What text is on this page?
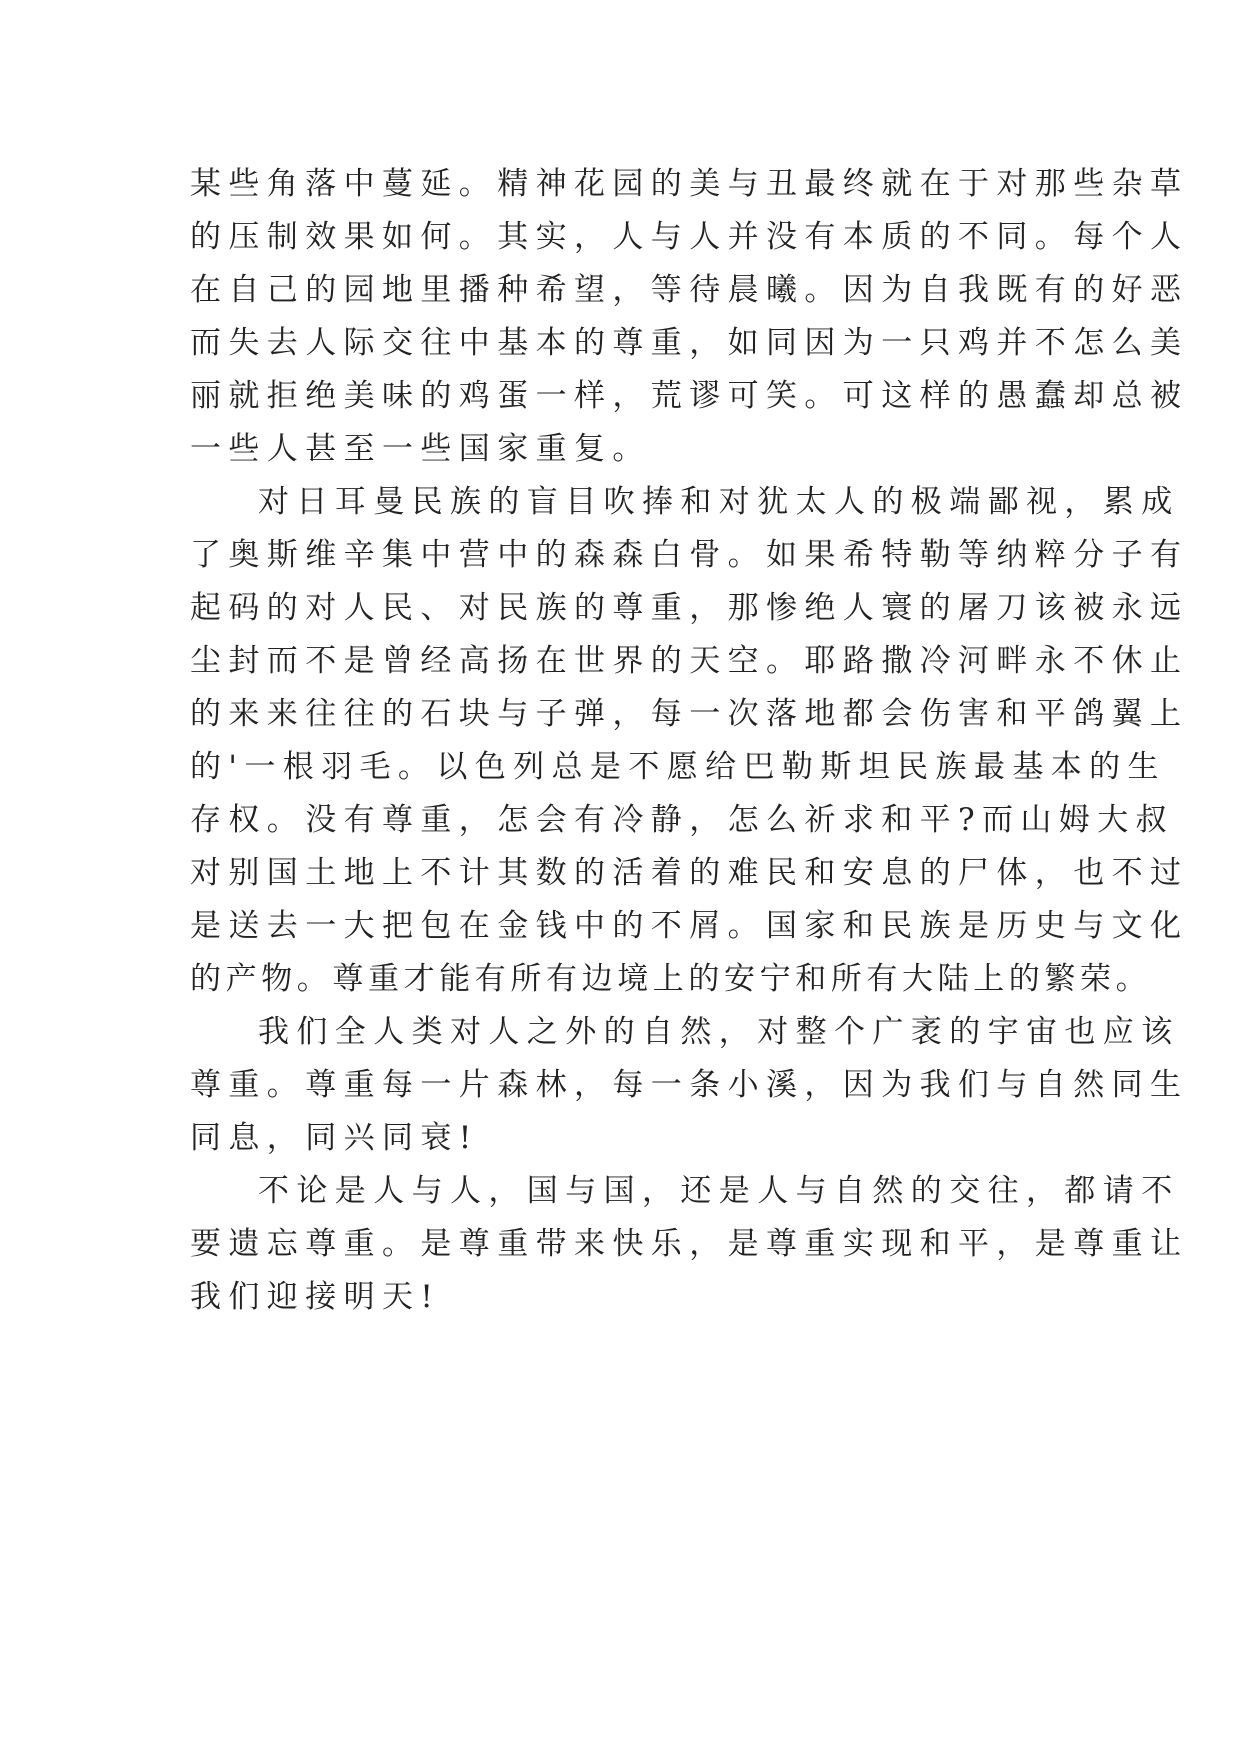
某些角落中蔓延。精神花园的美与丑最终就在于对那些杂草
的压制效果如何。其实，人与人并没有本质的不同。每个人
在自己的园地里播种希望，等待晨曦。因为自我既有的好恶
而失去人际交往中基本的尊重，如同因为一只鸡并不怎么美
丽就拒绝美味的鸡蛋一样，荒谬可笑。可这样的愚蠢却总被
一些人甚至一些国家重复。
对日耳曼民族的盲目吹捧和对犹太人的极端鄙视，累成
了奥斯维辛集中营中的森森白骨。如果希特勒等纳粹分子有
起码的对人民、对民族的尊重，那惨绝人寰的屠刀该被永远
尘封而不是曾经高扬在世界的天空。耶路撒冷河畔永不休止
的来来往往的石块与子弹，每一次落地都会伤害和平鸽翼上
的'一根羽毛。以色列总是不愿给巴勒斯坦民族最基本的生
存权。没有尊重，怎会有冷静，怎么祈求和平?而山姆大叔
对别国土地上不计其数的活着的难民和安息的尸体，也不过
是送去一大把包在金钱中的不屑。国家和民族是历史与文化
的产物。尊重才能有所有边境上的安宁和所有大陆上的繁荣。
我们全人类对人之外的自然，对整个广袤的宇宙也应该
尊重。尊重每一片森林，每一条小溪，因为我们与自然同生
同息，同兴同衰!
不论是人与人，国与国，还是人与自然的交往，都请不
要遗忘尊重。是尊重带来快乐，是尊重实现和平，是尊重让
我们迎接明天!
